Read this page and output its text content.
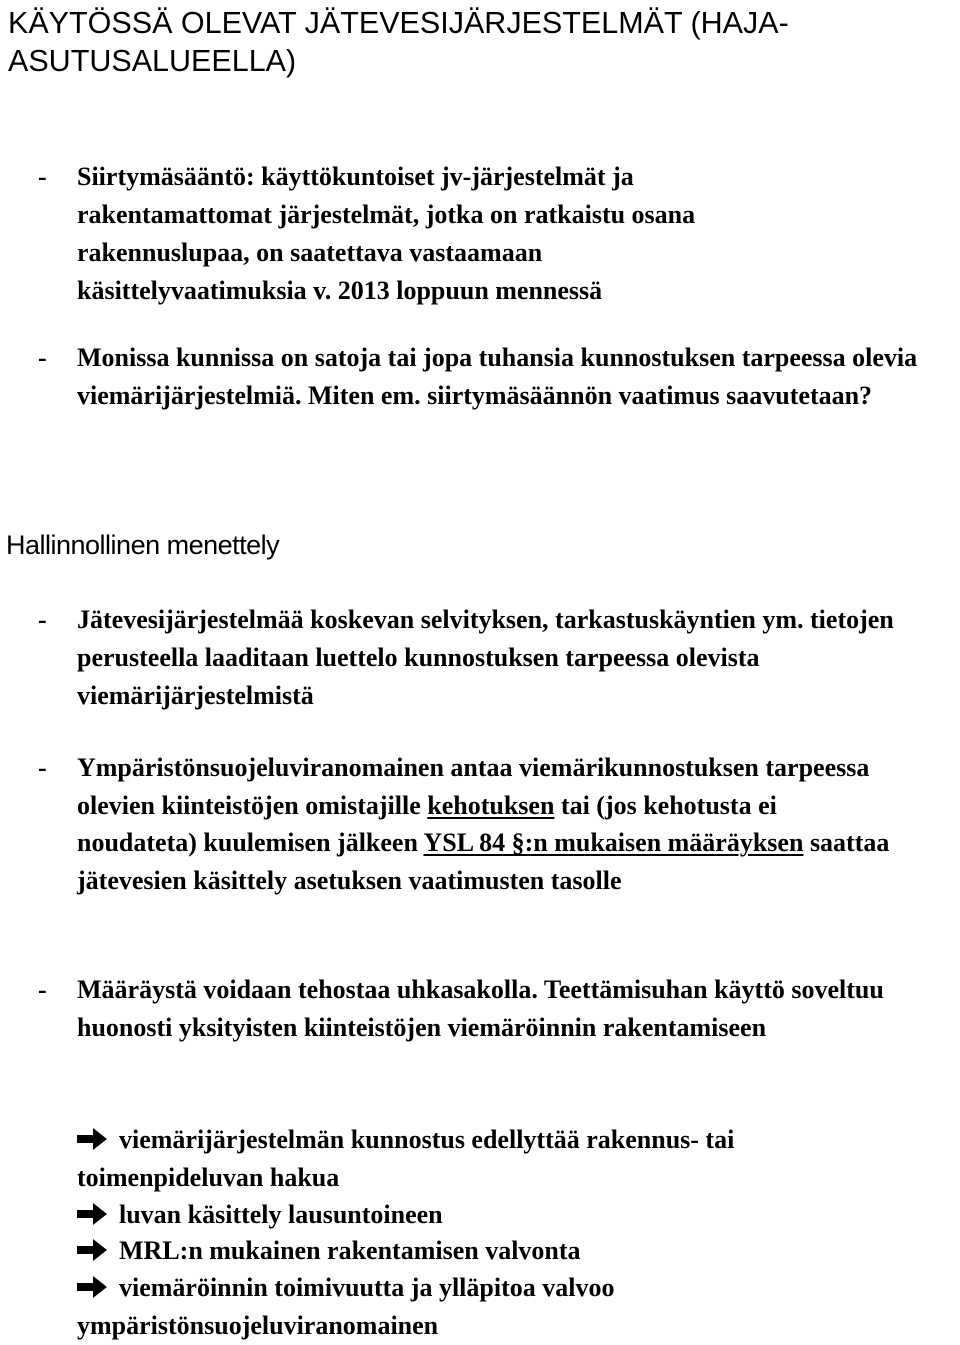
KÄYTÖSSÄ OLEVAT JÄTEVESIJÄRJESTELMÄT (HAJA-ASUTUSALUEELLA)
- Siirtymäsääntö: käyttökuntoiset jv-järjestelmät ja rakentamattomat järjestelmät, jotka on ratkaistu osana rakennuslupaa, on saatettava vastaamaan käsittelyvaatimuksia v. 2013 loppuun mennessä
- Monissa kunnissa on satoja tai jopa tuhansia kunnostuksen tarpeessa olevia viemärijärjestelmiä. Miten em. siirtymäsäännön vaatimus saavutetaan?
Hallinnollinen menettely
- Jätevesijärjestelmää koskevan selvityksen, tarkastuskäyntien ym. tietojen perusteella laaditaan luettelo kunnostuksen tarpeessa olevista viemärijärjestelmistä
- Ympäristönsuojeluviranomainen antaa viemärikunnostuksen tarpeessa olevien kiinteistöjen omistajille kehotuksen tai (jos kehotusta ei noudateta) kuulemisen jälkeen YSL 84 §:n mukaisen määräyksen saattaa jätevesien käsittely asetuksen vaatimusten tasolle
- Määräystä voidaan tehostaa uhkasakolla. Teettämisuhan käyttö soveltuu huonosti yksityisten kiinteistöjen viemäröinnin rakentamiseen
viemärijärjestelmän kunnostus edellyttää rakennus- tai toimenpideluvan hakua
luvan käsittely lausuntoineen
MRL:n mukainen rakentamisen valvonta
viemäröinnin toimivuutta ja ylläpitoa valvoo ympäristönsuojeluviranomainen
